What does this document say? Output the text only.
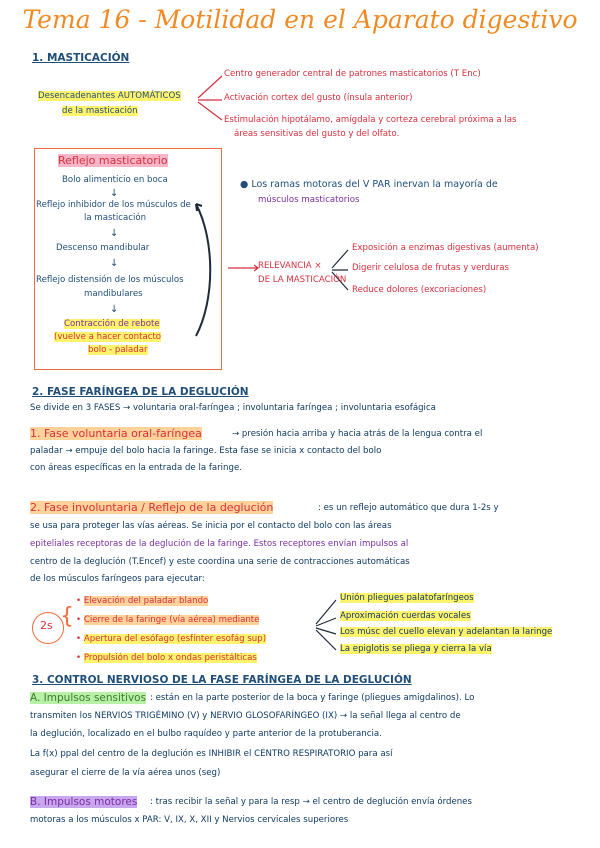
Tema 16 - Motilidad en el Aparato digestivo
1. MASTICACIÓN
Desencadenantes AUTOMÁTICOS
de la masticación
Centro generador central de patrones masticatorios (T Enc)
Activación cortex del gusto (ínsula anterior)
Estimulación hipotálamo, amígdala y corteza cerebral próxima a las
áreas sensitivas del gusto y del olfato.
Reflejo masticatorio
Bolo alimenticio en boca
↓
Reflejo inhibidor de los músculos de
la masticación
↓
Descenso mandibular
↓
Reflejo distensión de los músculos
mandibulares
↓
Contracción de rebote
(vuelve a hacer contacto
bolo - paladar
● Los ramas motoras del V PAR inervan la mayoría de
músculos masticatorios
RELEVANCIA ×
DE LA MASTICACIÓN
Exposición a enzimas digestivas (aumenta)
Digerir celulosa de frutas y verduras
Reduce dolores (excoriaciones)
2. FASE FARÍNGEA DE LA DEGLUCIÓN
Se divide en 3 FASES → voluntaria oral-faríngea ; involuntaria faríngea ; involuntaria esofágica
1. Fase voluntaria oral-faríngea	→ presión hacia arriba y hacia atrás de la lengua contra el
paladar → empuje del bolo hacia la faringe. Esta fase se inicia x contacto del bolo
con áreas específicas en la entrada de la faringe.
2. Fase involuntaria / Reflejo de la deglución	: es un reflejo automático que dura 1-2s y
se usa para proteger las vías aéreas. Se inicia por el contacto del bolo con las áreas
epiteliales receptoras de la deglución de la faringe. Estos receptores envían impulsos al
centro de la deglución (T.Encef) y este coordina una serie de contracciones automáticas
de los músculos faríngeos para ejecutar:
2s {
• Elevación del paladar blando
• Cierre de la faringe (vía aérea) mediante
• Apertura del esófago (esfínter esofág sup)
• Propulsión del bolo x ondas peristálticas
Unión pliegues palatofaríngeos
Aproximación cuerdas vocales
Los músc del cuello elevan y adelantan la laringe
La epiglotis se pliega y cierra la vía
3. CONTROL NERVIOSO DE LA FASE FARÍNGEA DE LA DEGLUCIÓN
A. Impulsos sensitivos : están en la parte posterior de la boca y faringe (pliegues amigdalinos). Lo
transmiten los NERVIOS TRIGÉMINO (V) y NERVIO GLOSOFARÍNGEO (IX) → la señal llega al centro de
la deglución, localizado en el bulbo raquídeo y parte anterior de la protuberancia.
La f(x) ppal del centro de la deglución es INHIBIR el CENTRO RESPIRATORIO para así
asegurar el cierre de la vía aérea unos (seg)
B. Impulsos motores : tras recibir la señal y para la resp → el centro de deglución envía órdenes
motoras a los músculos x PAR: V, IX, X, XII y Nervios cervicales superiores
